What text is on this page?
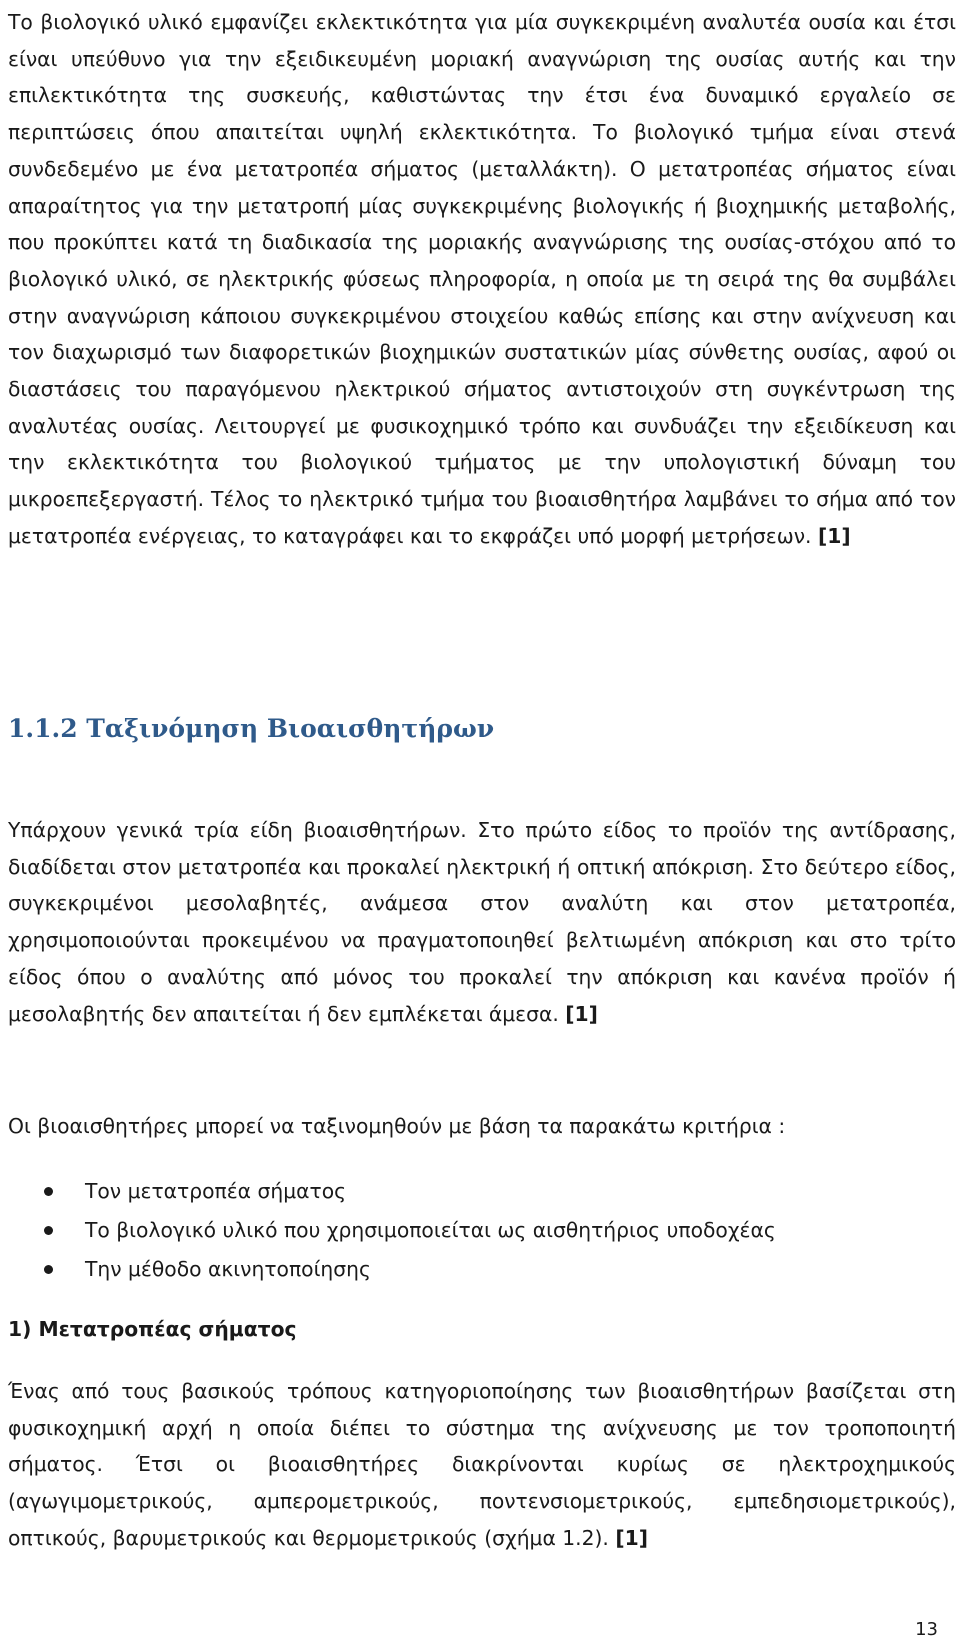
Το βιολογικό υλικό εμφανίζει εκλεκτικότητα για μία συγκεκριμένη αναλυτέα ουσία και έτσι είναι υπεύθυνο για την εξειδικευμένη μοριακή αναγνώριση της ουσίας αυτής και την επιλεκτικότητα της συσκευής, καθιστώντας την έτσι ένα δυναμικό εργαλείο σε περιπτώσεις όπου απαιτείται υψηλή εκλεκτικότητα. Το βιολογικό τμήμα είναι στενά συνδεδεμένο με ένα μετατροπέα σήματος (μεταλλάκτη). Ο μετατροπέας σήματος είναι απαραίτητος για την μετατροπή μίας συγκεκριμένης βιολογικής ή βιοχημικής μεταβολής, που προκύπτει κατά τη διαδικασία της μοριακής αναγνώρισης της ουσίας-στόχου από το βιολογικό υλικό, σε ηλεκτρικής φύσεως πληροφορία, η οποία με τη σειρά της θα συμβάλει στην αναγνώριση κάποιου συγκεκριμένου στοιχείου καθώς επίσης και στην ανίχνευση και τον διαχωρισμό των διαφορετικών βιοχημικών συστατικών μίας σύνθετης ουσίας, αφού οι διαστάσεις του παραγόμενου ηλεκτρικού σήματος αντιστοιχούν στη συγκέντρωση της αναλυτέας ουσίας. Λειτουργεί με φυσικοχημικό τρόπο και συνδυάζει την εξειδίκευση και την εκλεκτικότητα του βιολογικού τμήματος με την υπολογιστική δύναμη του μικροεπεξεργαστή. Τέλος το ηλεκτρικό τμήμα του βιοαισθητήρα λαμβάνει το σήμα από τον μετατροπέα ενέργειας, το καταγράφει και το εκφράζει υπό μορφή μετρήσεων. [1]

1.1.2 Ταξινόμηση Βιοαισθητήρων

Υπάρχουν γενικά τρία είδη βιοαισθητήρων. Στο πρώτο είδος το προϊόν της αντίδρασης, διαδίδεται στον μετατροπέα και προκαλεί ηλεκτρική ή οπτική απόκριση. Στο δεύτερο είδος, συγκεκριμένοι μεσολαβητές, ανάμεσα στον αναλύτη και στον μετατροπέα, χρησιμοποιούνται προκειμένου να πραγματοποιηθεί βελτιωμένη απόκριση και στο τρίτο είδος όπου ο αναλύτης από μόνος του προκαλεί την απόκριση και κανένα προϊόν ή μεσολαβητής δεν απαιτείται ή δεν εμπλέκεται άμεσα. [1]

Οι βιοαισθητήρες μπορεί να ταξινομηθούν με βάση τα παρακάτω κριτήρια :

Τον μετατροπέα σήματος
Το βιολογικό υλικό που χρησιμοποιείται ως αισθητήριος υποδοχέας
Την μέθοδο ακινητοποίησης
1) Μετατροπέας σήματος

Ένας από τους βασικούς τρόπους κατηγοριοποίησης των βιοαισθητήρων βασίζεται στη φυσικοχημική αρχή η οποία διέπει το σύστημα της ανίχνευσης με τον τροποποιητή σήματος. Έτσι οι βιοαισθητήρες διακρίνονται κυρίως σε ηλεκτροχημικούς (αγωγιμομετρικούς, αμπερομετρικούς, ποντενσιομετρικούς, εμπεδησιομετρικούς), οπτικούς, βαρυμετρικούς και θερμομετρικούς (σχήμα 1.2). [1]

13
